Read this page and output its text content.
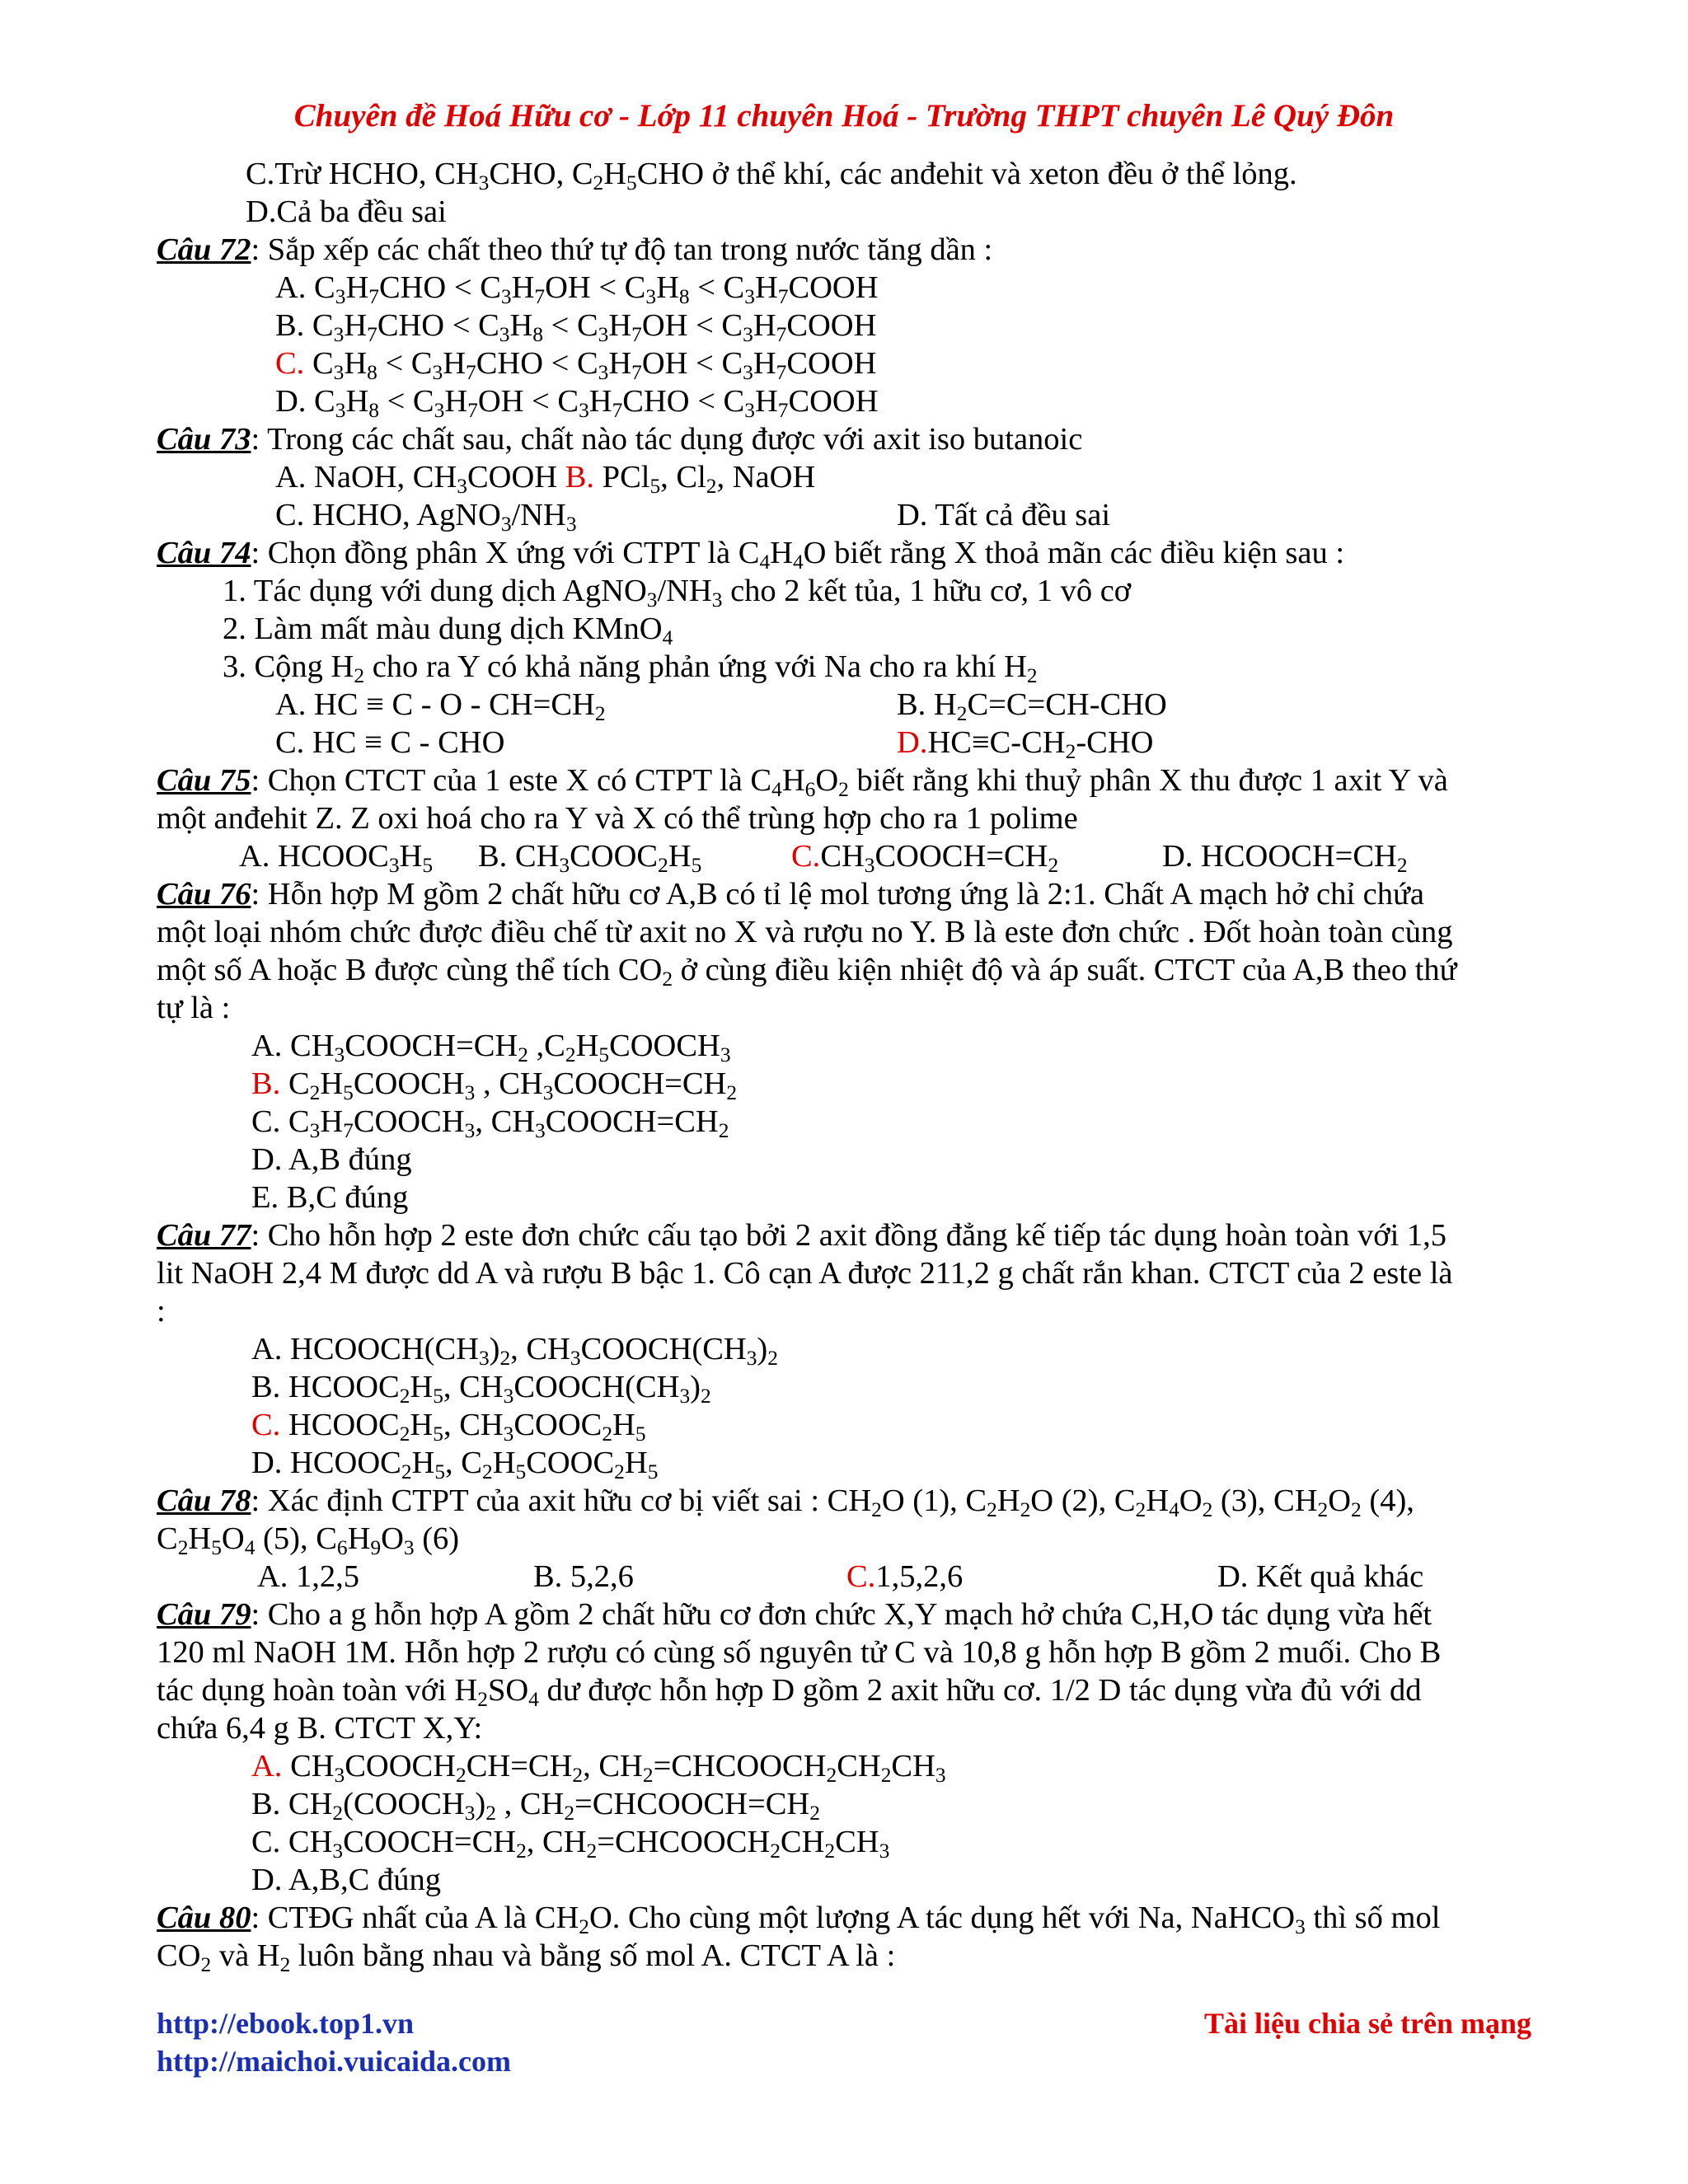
Chuyên đề Hoá Hữu cơ - Lớp 11 chuyên Hoá - Trường THPT chuyên Lê Quý Đôn
C.Trừ HCHO, $CH_3CHO$, $C_2H_5CHO$ ở thể khí, các anđehit và xeton đều ở thể lỏng.
D.Cả ba đều sai
Câu 72: Sắp xếp các chất theo thứ tự độ tan trong nước tăng dần :
A. $C_3H_7CHO < C_3H_7OH < C_3H_8$ < $C_3H_7COOH$
B. $C_3H_7CHO < C_3H_8 < C_3H_7OH$ < $C_3H_7COOH$
C. $C_3H_8 < C_3H_7CHO < C_3H_7OH$ < $C_3H_7COOH$
D. $C_3H_8 < C_3H_7OH < C_3H_7CHO$ < $C_3H_7COOH$
Câu 73: Trong các chất sau, chất nào tác dụng được với axit iso butanoic
A. NaOH, $CH_3COOH$ B. PCl$_5$, $Cl_2$, NaOH
C. HCHO, $AgNO_3/NH_3$	D. Tất cả đều sai
Câu 74: Chọn đồng phân X ứng với CTPT là $C_4H_4O$ biết rằng X thoả mãn các điều kiện sau :
1. Tác dụng với dung dịch $AgNO_3/NH_3$ cho 2 kết tủa, 1 hữu cơ, 1 vô cơ
2. Làm mất màu dung dịch KMnO$_4$
3. Cộng $H_2$ cho ra Y có khả năng phản ứng với Na cho ra khí $H_2$
A. HC ≡ $C - O - CH=CH_2$	B. $H_2C=C=CH$-CHO
C. HC ≡ C - CHO	$D.HC\equiv C-CH_2$-CHO
Câu 75: Chọn CTCT của 1 este X có CTPT là $C_4H_6O_2$ biết rằng khi thuỷ phân X thu được 1 axit Y và
một anđehit Z. Z oxi hoá cho ra Y và X có thể trùng hợp cho ra 1 polime
A. $HCOOC_3H_5$	B. $CH_3COOC_2H_5$	$C.CH_3COOCH=CH_2$	D. $HCOOCH=CH_2$
Câu 76: Hỗn hợp M gồm 2 chất hữu cơ A,B có tỉ lệ mol tương ứng là 2:1. Chất A mạch hở chỉ chứa
một loại nhóm chức được điều chế từ axit no X và rượu no Y. B là este đơn chức . Đốt hoàn toàn cùng
một số A hoặc B được cùng thể tích $CO_2$ ở cùng điều kiện nhiệt độ và áp suất. CTCT của A,B theo thứ
tự là :
A. $CH_3COOCH=CH_2$ $,C_2H_5COOCH_3$
B. $C_2H_5COOCH_3$ , $CH_3COOCH=CH_2$
C. $C_3H_7COOCH_3$, $CH_3COOCH=CH_2$
D. A,B đúng
E. B,C đúng
Câu 77: Cho hỗn hợp 2 este đơn chức cấu tạo bởi 2 axit đồng đẳng kế tiếp tác dụng hoàn toàn với 1,5
lit NaOH 2,4 M được dd A và rượu B bậc 1. Cô cạn A được 211,2 g chất rắn khan. CTCT của 2 este là
:
A. $HCOOCH(CH_3)_2$, $CH_3COOCH(CH_3)_2$
B. $HCOOC_2H_5$, $CH_3COOCH(CH_3)_2$
C. $HCOOC_2H_5$, $CH_3COOC_2H_5$
D. $HCOOC_2H_5$, $C_2H_5COOC_2H_5$
Câu 78: Xác định CTPT của axit hữu cơ bị viết sai : $CH_2O$ (1), $C_2H_2O$ (2), $C_2H_4O_2$ (3), $CH_2O_2$ (4),
$C_2H_5O_4$ (5), $C_6H_9O_3$ (6)
A. 1,2,5	B. 5,2,6	C.1,5,2,6	D. Kết quả khác
Câu 79: Cho a g hỗn hợp A gồm 2 chất hữu cơ đơn chức X,Y mạch hở chứa C,H,O tác dụng vừa hết
120 ml NaOH 1M. Hỗn hợp 2 rượu có cùng số nguyên tử C và 10,8 g hỗn hợp B gồm 2 muối. Cho B
tác dụng hoàn toàn với $H_2SO_4$ dư được hỗn hợp D gồm 2 axit hữu cơ. 1/2 D tác dụng vừa đủ với dd
chứa 6,4 g B. CTCT X,Y:
A. $CH_3COOCH_2CH=CH_2$, $CH_2=CHCOOCH_2CH_2CH_3$
B. $CH_2(COOCH_3)_2$ , $CH_2=CHCOOCH=CH_2$
C. $CH_3COOCH=CH_2$, $CH_2=CHCOOCH_2CH_2CH_3$
D. A,B,C đúng
Câu 80: CTĐG nhất của A là $CH_2O$. Cho cùng một lượng A tác dụng hết với Na, NaHCO$_3$ thì số mol
$CO_2$ và $H_2$ luôn bằng nhau và bằng số mol A. CTCT A là :
http://ebook.top1.vn
http://maichoi.vuicaida.com
Tài liệu chia sẻ trên mạng
